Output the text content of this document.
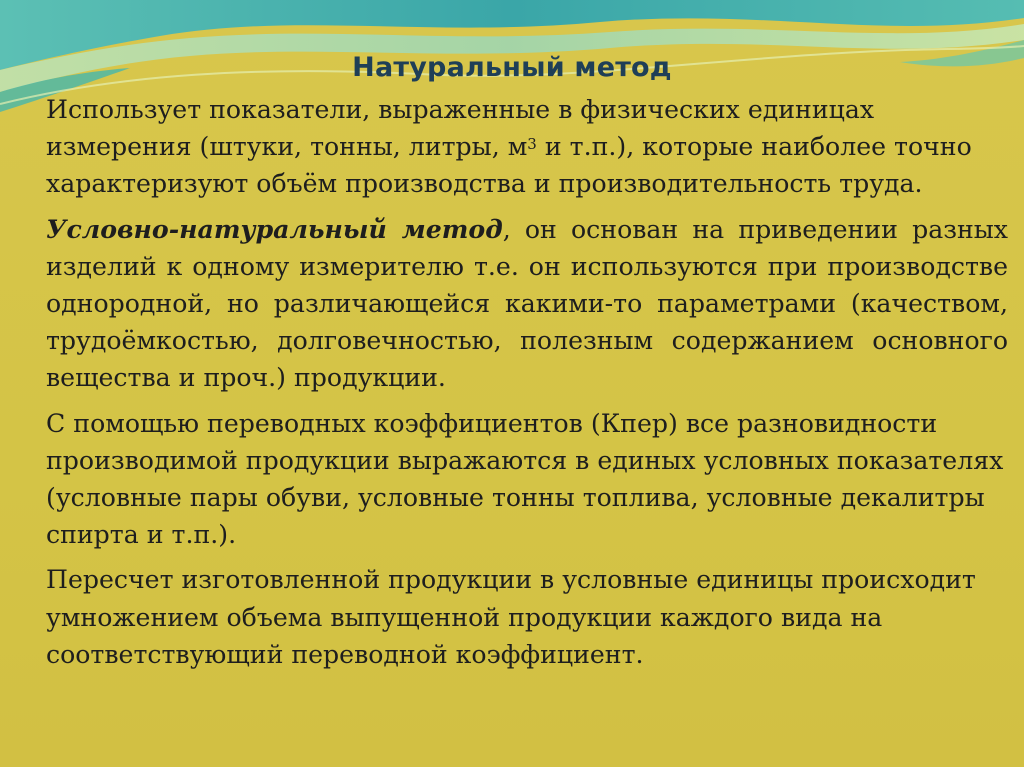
Натуральный метод

Использует показатели, выраженные в физических единицах измерения (штуки, тонны, литры, $м^3$ и т.п.), которые наиболее точно характеризуют объём производства и производительность труда.

Условно-натуральный метод, он основан на приведении разных изделий к одному измерителю т.е. он используются при производстве однородной, но различающейся какими-то параметрами (качеством, трудоёмкостью, долговечностью, полезным содержанием основного вещества и проч.) продукции.

С помощью переводных коэффициентов (Кпер) все разновидности производимой продукции выражаются в единых условных показателях (условные пары обуви, условные тонны топлива, условные декалитры спирта и т.п.).

Пересчет изготовленной продукции в условные единицы происходит умножением объема выпущенной продукции каждого вида на соответствующий переводной коэффициент.
